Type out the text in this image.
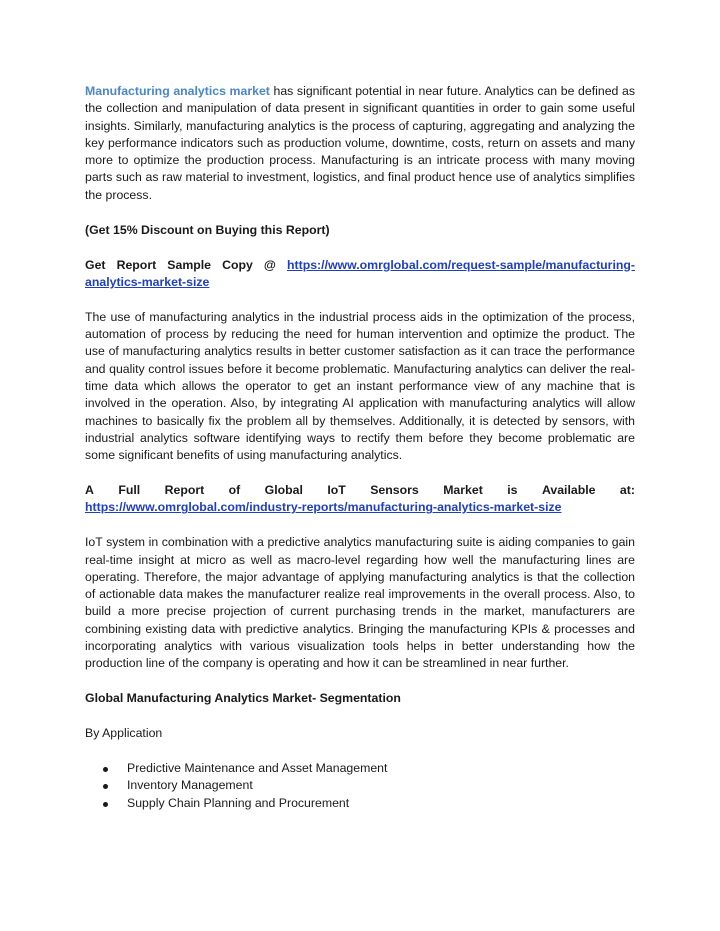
Manufacturing analytics market has significant potential in near future. Analytics can be defined as the collection and manipulation of data present in significant quantities in order to gain some useful insights. Similarly, manufacturing analytics is the process of capturing, aggregating and analyzing the key performance indicators such as production volume, downtime, costs, return on assets and many more to optimize the production process. Manufacturing is an intricate process with many moving parts such as raw material to investment, logistics, and final product hence use of analytics simplifies the process.

(Get 15% Discount on Buying this Report)

Get Report Sample Copy @ https://www.omrglobal.com/request-sample/manufacturing-analytics-market-size

The use of manufacturing analytics in the industrial process aids in the optimization of the process, automation of process by reducing the need for human intervention and optimize the product. The use of manufacturing analytics results in better customer satisfaction as it can trace the performance and quality control issues before it become problematic. Manufacturing analytics can deliver the real-time data which allows the operator to get an instant performance view of any machine that is involved in the operation. Also, by integrating AI application with manufacturing analytics will allow machines to basically fix the problem all by themselves. Additionally, it is detected by sensors, with industrial analytics software identifying ways to rectify them before they become problematic are some significant benefits of using manufacturing analytics.

A Full Report of Global IoT Sensors Market is Available at:
https://www.omrglobal.com/industry-reports/manufacturing-analytics-market-size

IoT system in combination with a predictive analytics manufacturing suite is aiding companies to gain real-time insight at micro as well as macro-level regarding how well the manufacturing lines are operating. Therefore, the major advantage of applying manufacturing analytics is that the collection of actionable data makes the manufacturer realize real improvements in the overall process. Also, to build a more precise projection of current purchasing trends in the market, manufacturers are combining existing data with predictive analytics. Bringing the manufacturing KPIs & processes and incorporating analytics with various visualization tools helps in better understanding how the production line of the company is operating and how it can be streamlined in near further.

Global Manufacturing Analytics Market- Segmentation

By Application

Predictive Maintenance and Asset Management
Inventory Management
Supply Chain Planning and Procurement
